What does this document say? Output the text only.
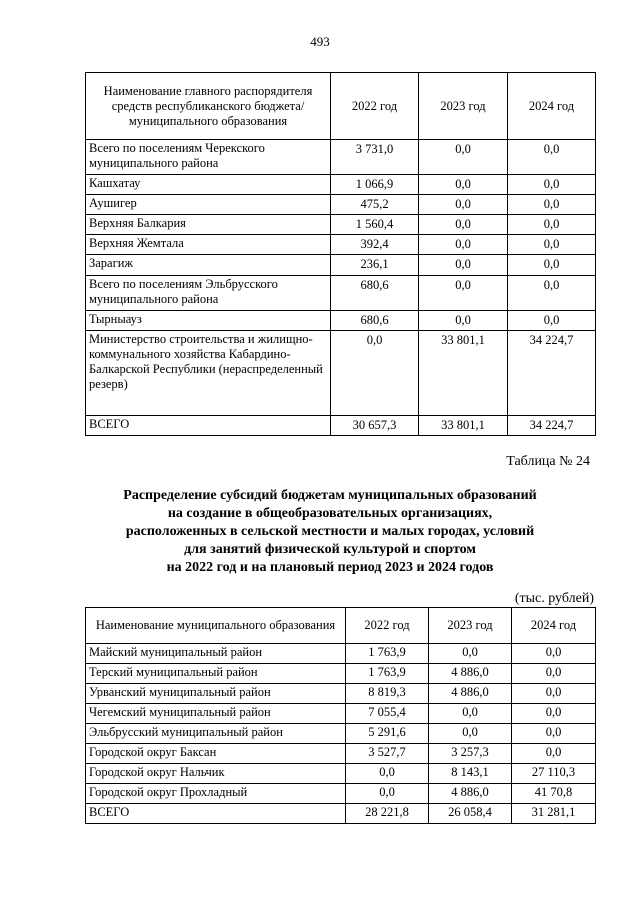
493
Наименование главного распорядителя средств республиканского бюджета/ муниципального образования	2022 год	2023 год	2024 год
Всего по поселениям Черекского муниципального района	3 731,0	0,0	0,0
Кашхатау	1 066,9	0,0	0,0
Аушигер	475,2	0,0	0,0
Верхняя Балкария	1 560,4	0,0	0,0
Верхняя Жемтала	392,4	0,0	0,0
Зарагиж	236,1	0,0	0,0
Всего по поселениям Эльбрусского муниципального района	680,6	0,0	0,0
Тырныауз	680,6	0,0	0,0
Министерство строительства и жилищно-коммунального хозяйства Кабардино-Балкарской Республики (нераспределенный резерв)	0,0	33 801,1	34 224,7
ВСЕГО	30 657,3	33 801,1	34 224,7
Таблица № 24
Распределение субсидий бюджетам муниципальных образований
на создание в общеобразовательных организациях,
расположенных в сельской местности и малых городах, условий
для занятий физической культурой и спортом
на 2022 год и на плановый период 2023 и 2024 годов
(тыс. рублей)
Наименование муниципального образования	2022 год	2023 год	2024 год
Майский муниципальный район	1 763,9	0,0	0,0
Терский муниципальный район	1 763,9	4 886,0	0,0
Урванский муниципальный район	8 819,3	4 886,0	0,0
Чегемский муниципальный район	7 055,4	0,0	0,0
Эльбрусский муниципальный район	5 291,6	0,0	0,0
Городской округ Баксан	3 527,7	3 257,3	0,0
Городской округ Нальчик	0,0	8 143,1	27 110,3
Городской округ Прохладный	0,0	4 886,0	41 70,8
ВСЕГО	28 221,8	26 058,4	31 281,1
